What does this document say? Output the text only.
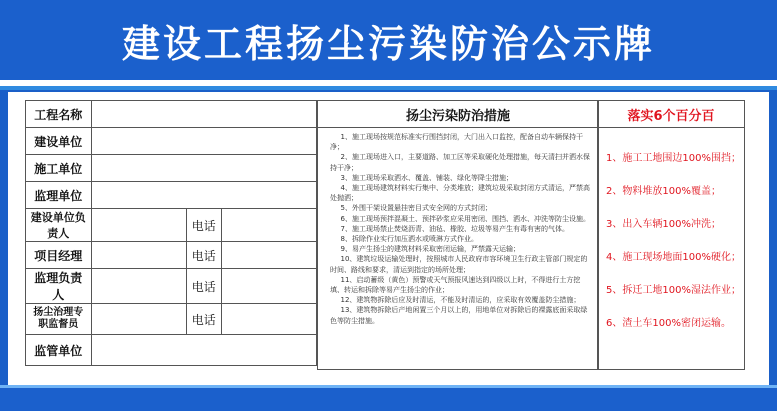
建设工程扬尘污染防治公示牌
工程名称			
建设单位			
施工单位			
监理单位			
建设单位负责人		电话	
项目经理		电话	
监理负责人		电话	
扬尘治理专职监督员		电话	
监管单位			
扬尘污染防治措施

1、施工现场按规范标准实行围挡封闭，大门出入口监控，配备自动车辆保持干净；

2、施工现场进入口，主要道路、加工区等采取硬化处理措施，每天清扫并洒水保持干净；

3、施工现场采取洒水、覆盖、铺装、绿化等降尘措施；

4、施工现场建筑材料实行集中、分类堆放；建筑垃圾采取封闭方式清运，严禁高处抛洒；

5、外围干架设置悬挂密目式安全网的方式封闭；

6、施工现场预拌混凝土、预拌砂浆应采用密闭、围挡、洒水、冲洗等防尘设施。

7、施工现场禁止焚烧沥青、油毡、橡胶、垃圾等易产生有毒有害的气体。

8、拆除作业实行加压洒水或喷淋方式作业。

9、易产生扬尘的建筑材料采取密闭运输，严禁露天运输；

10、建筑垃圾运输处理时，按照城市人民政府市容环境卫生行政主管部门规定的时间、路线和要求，清运到指定的场所处理；

11、启动蓄级（黄色）预警或天气预报风速达到四级以上时，不得进行土方挖填、转运和拆除等易产生扬尘的作业；

12、建筑物拆除后应及时清运，不能及时清运的，应采取有效覆盖防尘措施；

13、建筑物拆除后产地闲置三个月以上的，用地单位对拆除后的裸露底面采取绿色等防尘措施。

落实6个百分百
1、施工工地围边100%围挡；
2、物料堆放100%覆盖；
3、出入车辆100%冲洗；
4、施工现场地面100%硬化；
5、拆迁工地100%湿法作业；
6、渣土车100%密闭运输。
